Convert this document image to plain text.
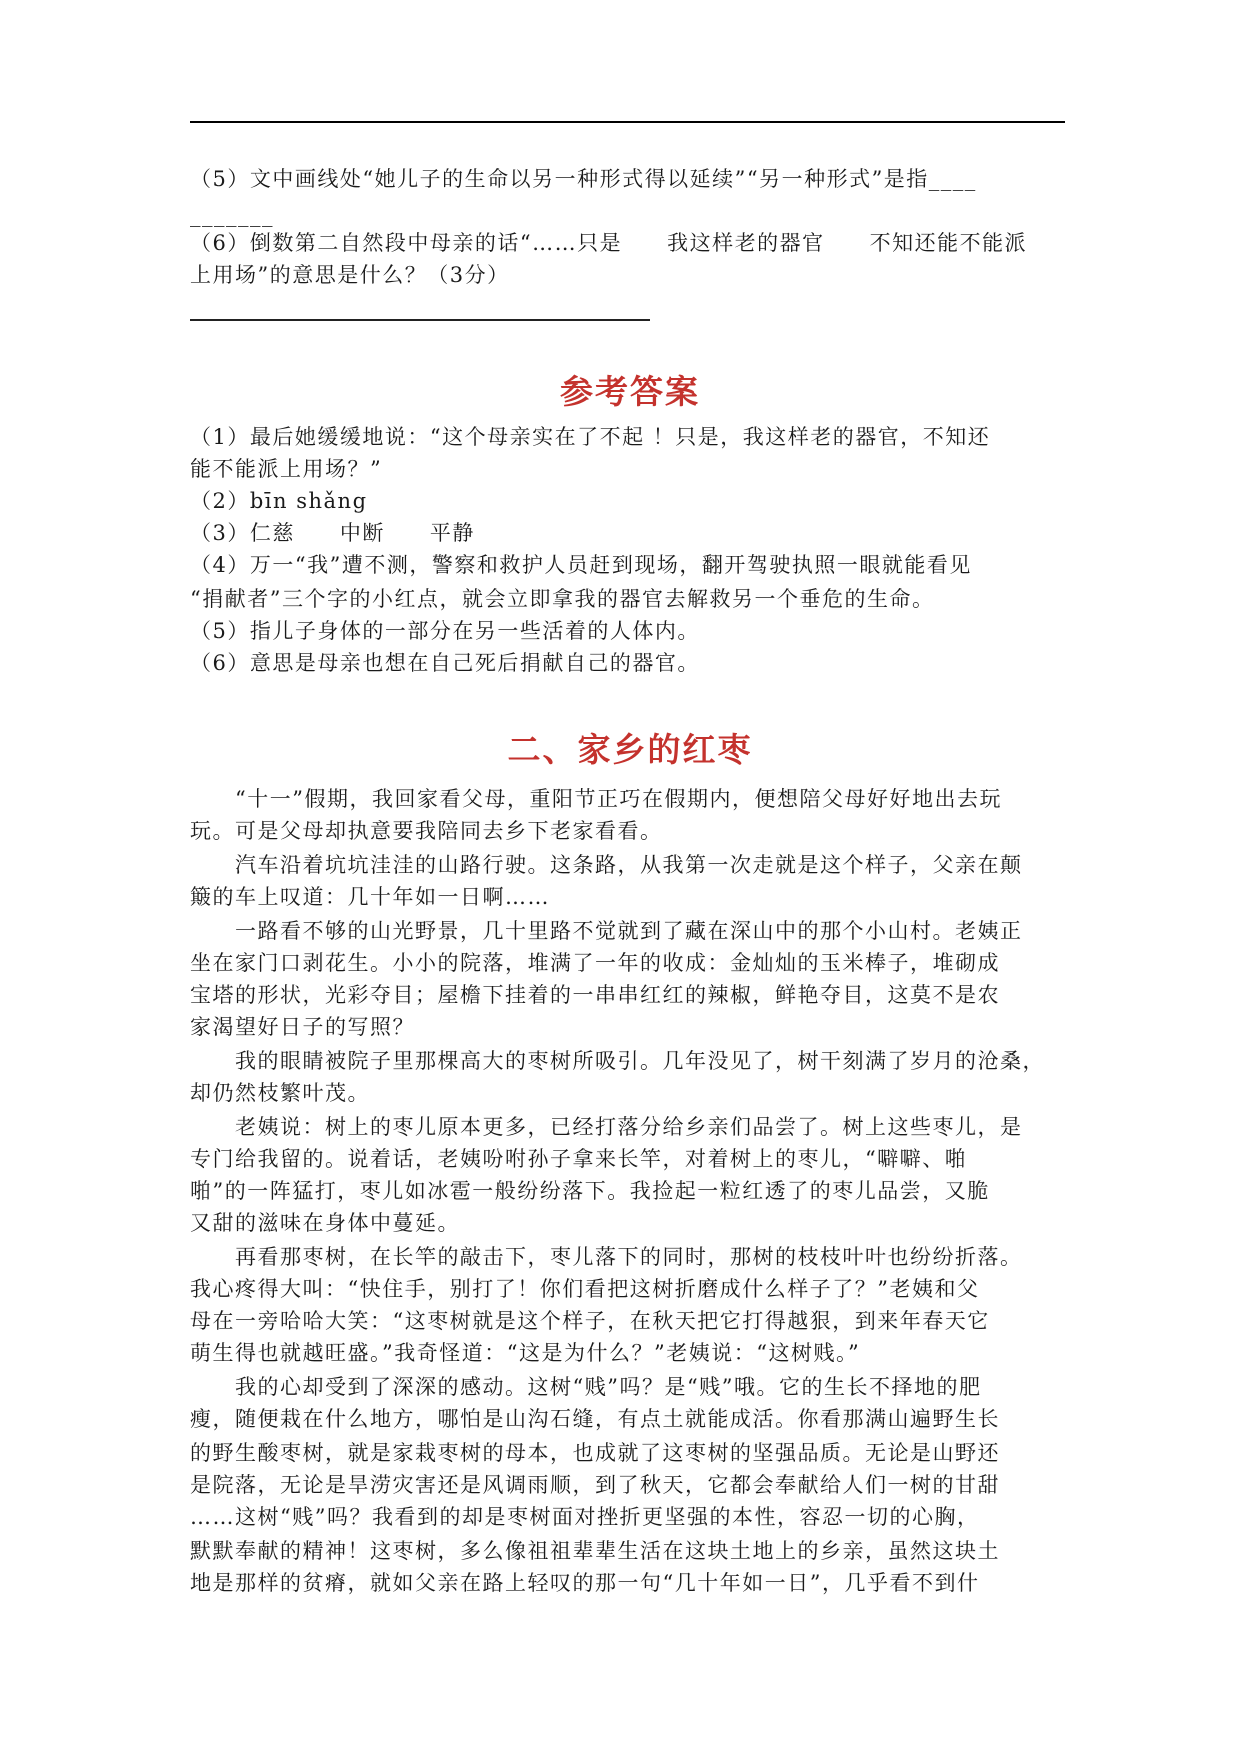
（5）文中画线处“她儿子的生命以另一种形式得以延续”“另一种形式”是指____
_______
（6）倒数第二自然段中母亲的话“……只是　　我这样老的器官　　不知还能不能派
上用场”的意思是什么？（3分）
参考答案
（1）最后她缓缓地说：“这个母亲实在了不起 ！只是，我这样老的器官，不知还
能不能派上用场？”
（2）bīn shǎng
（3）仁慈　　中断　　平静
（4）万一“我”遭不测，警察和救护人员赶到现场，翻开驾驶执照一眼就能看见
“捐献者”三个字的小红点，就会立即拿我的器官去解救另一个垂危的生命。
（5）指儿子身体的一部分在另一些活着的人体内。
（6）意思是母亲也想在自己死后捐献自己的器官。
二、家乡的红枣
　　“十一”假期，我回家看父母，重阳节正巧在假期内，便想陪父母好好地出去玩
玩。可是父母却执意要我陪同去乡下老家看看。
　　汽车沿着坑坑洼洼的山路行驶。这条路，从我第一次走就是这个样子，父亲在颠
簸的车上叹道：几十年如一日啊……
　　一路看不够的山光野景，几十里路不觉就到了藏在深山中的那个小山村。老姨正
坐在家门口剥花生。小小的院落，堆满了一年的收成：金灿灿的玉米棒子，堆砌成
宝塔的形状，光彩夺目；屋檐下挂着的一串串红红的辣椒，鲜艳夺目，这莫不是农
家渴望好日子的写照？
　　我的眼睛被院子里那棵高大的枣树所吸引。几年没见了，树干刻满了岁月的沧桑，
却仍然枝繁叶茂。
　　老姨说：树上的枣儿原本更多，已经打落分给乡亲们品尝了。树上这些枣儿，是
专门给我留的。说着话，老姨吩咐孙子拿来长竿，对着树上的枣儿，“噼噼、啪
啪”的一阵猛打，枣儿如冰雹一般纷纷落下。我捡起一粒红透了的枣儿品尝，又脆
又甜的滋味在身体中蔓延。
　　再看那枣树，在长竿的敲击下，枣儿落下的同时，那树的枝枝叶叶也纷纷折落。
我心疼得大叫：“快住手，别打了！你们看把这树折磨成什么样子了？”老姨和父
母在一旁哈哈大笑：“这枣树就是这个样子，在秋天把它打得越狠，到来年春天它
萌生得也就越旺盛。”我奇怪道：“这是为什么？”老姨说：“这树贱。”
　　我的心却受到了深深的感动。这树“贱”吗？是“贱”哦。它的生长不择地的肥
瘦，随便栽在什么地方，哪怕是山沟石缝，有点土就能成活。你看那满山遍野生长
的野生酸枣树，就是家栽枣树的母本，也成就了这枣树的坚强品质。无论是山野还
是院落，无论是旱涝灾害还是风调雨顺，到了秋天，它都会奉献给人们一树的甘甜
……这树“贱”吗？我看到的却是枣树面对挫折更坚强的本性，容忍一切的心胸，
默默奉献的精神！这枣树，多么像祖祖辈辈生活在这块土地上的乡亲，虽然这块土
地是那样的贫瘠，就如父亲在路上轻叹的那一句“几十年如一日”，几乎看不到什
